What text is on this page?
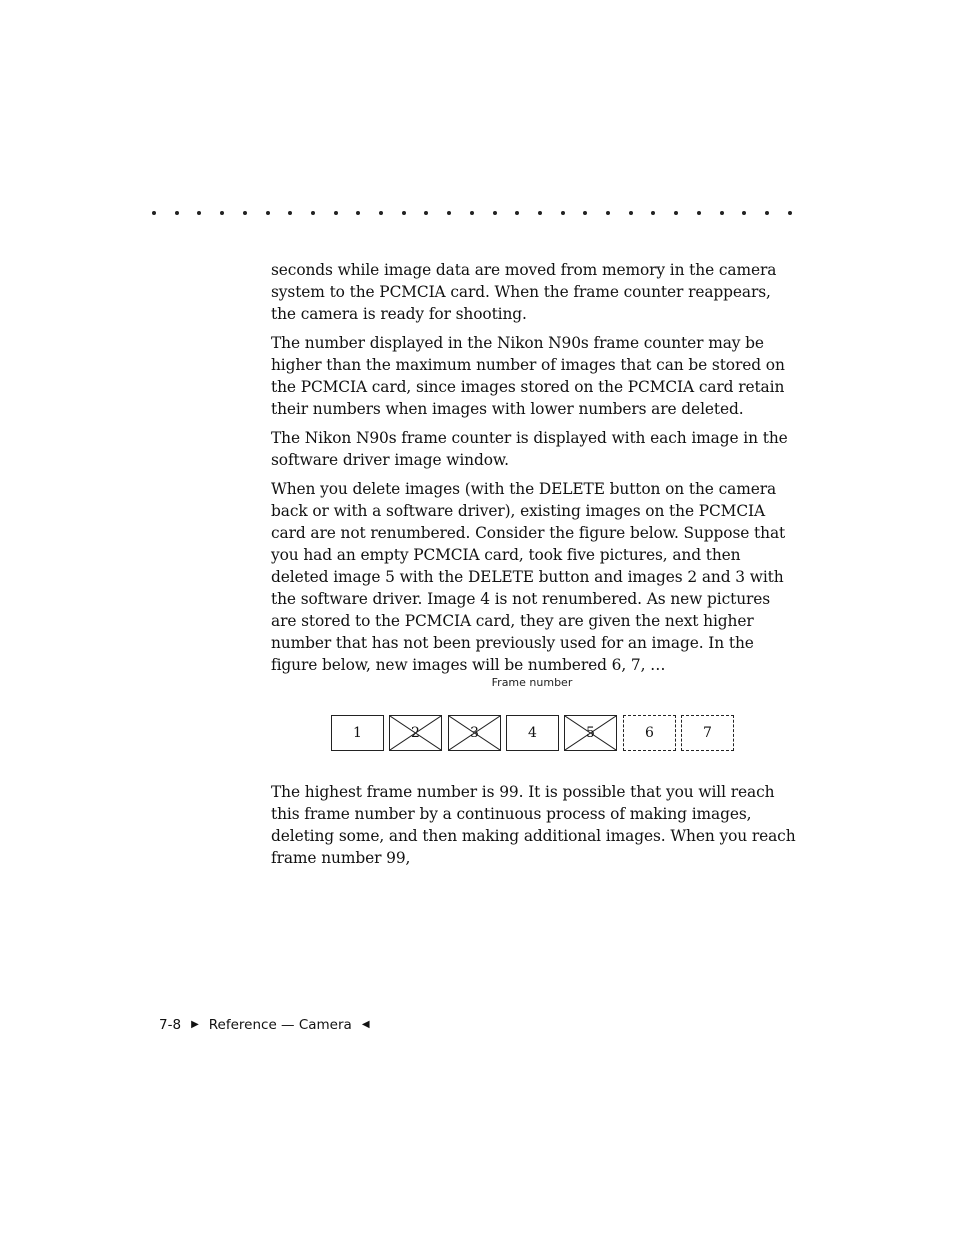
seconds while image data are moved from memory in the camera system to the PCMCIA card. When the frame counter reappears, the camera is ready for shooting.

The number displayed in the Nikon N90s frame counter may be higher than the maximum number of images that can be stored on the PCMCIA card, since images stored on the PCMCIA card retain their numbers when images with lower numbers are deleted.

The Nikon N90s frame counter is displayed with each image in the software driver image window.

When you delete images (with the DELETE button on the camera back or with a software driver), existing images on the PCMCIA card are not renumbered. Consider the figure below. Suppose that you had an empty PCMCIA card, took five pictures, and then deleted image 5 with the DELETE button and images 2 and 3 with the software driver. Image 4 is not renumbered. As new pictures are stored to the PCMCIA card, they are given the next higher number that has not been previously used for an image. In the figure below, new images will be numbered 6, 7, …

Frame number
1	2	3	4	5	6	7

The highest frame number is 99. It is possible that you will reach this frame number by a continuous process of making images, deleting some, and then making additional images. When you reach frame number 99,

7-8 ▶ Reference — Camera ◀
